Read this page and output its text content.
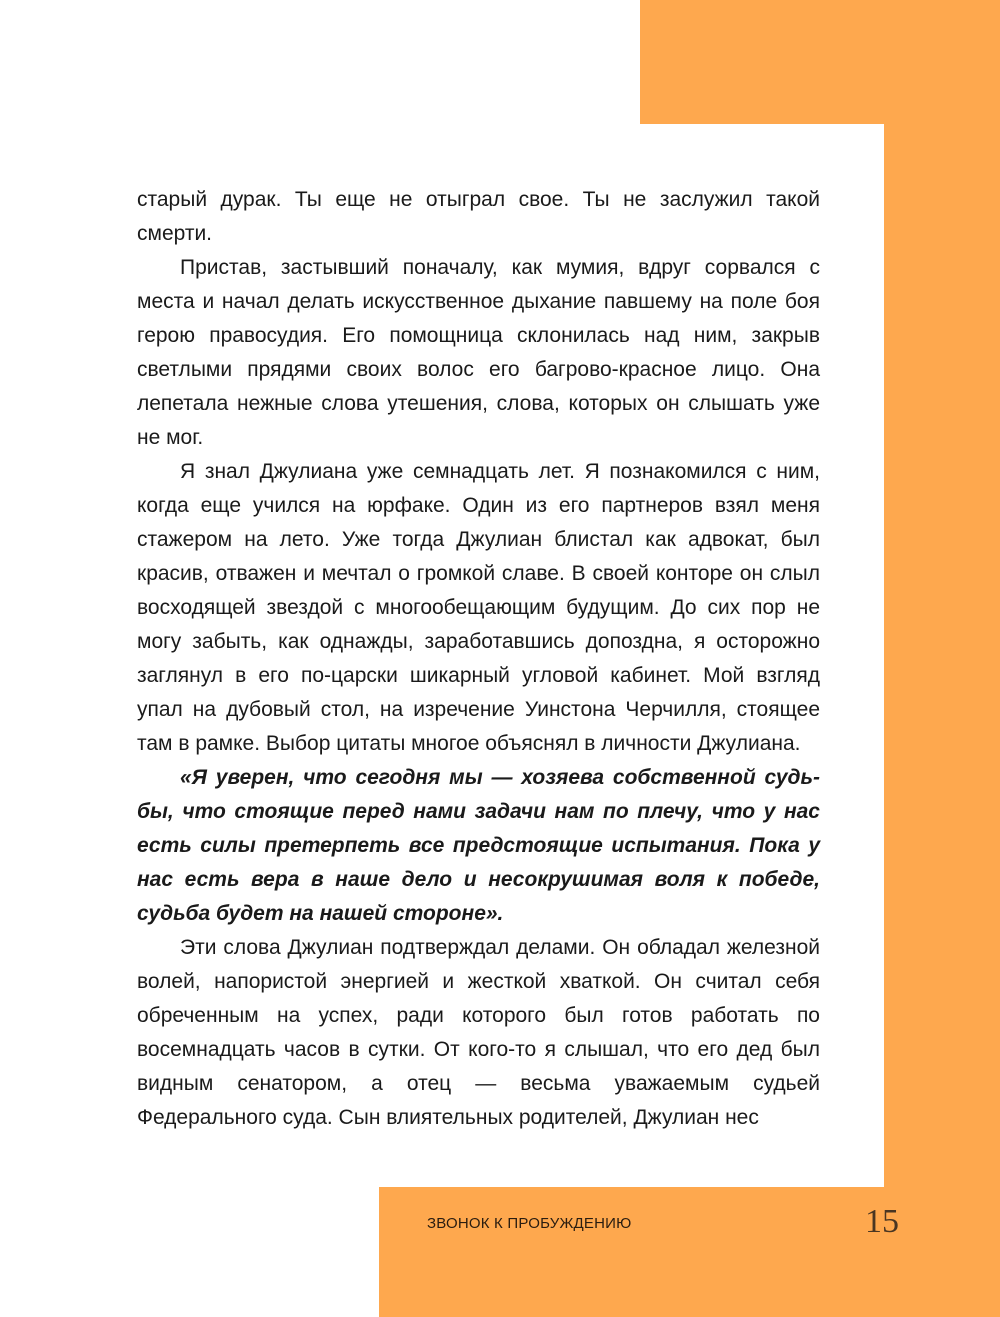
старый дурак. Ты еще не отыграл свое. Ты не заслужил такой смерти.

Пристав, застывший поначалу, как мумия, вдруг сорвался с места и начал делать искусственное дыхание павшему на поле боя герою правосудия. Его помощница склонилась над ним, закрыв светлыми прядями своих волос его багрово-красное лицо. Она лепетала нежные слова утешения, слова, которых он слышать уже не мог.

Я знал Джулиана уже семнадцать лет. Я познакомился с ним, когда еще учился на юрфаке. Один из его партнеров взял меня стажером на лето. Уже тогда Джулиан блистал как адвокат, был красив, отважен и мечтал о громкой славе. В своей конторе он слыл восходящей звездой с многообещающим будущим. До сих пор не могу забыть, как однажды, заработавшись допоздна, я осторожно заглянул в его по-царски шикарный угловой кабинет. Мой взгляд упал на дубовый стол, на изречение Уинстона Черчилля, стоящее там в рамке. Выбор цитаты многое объяснял в личности Джулиана.

«Я уверен, что сегодня мы — хозяева собственной судьбы, что стоящие перед нами задачи нам по плечу, что у нас есть силы претерпеть все предстоящие испытания. Пока у нас есть вера в наше дело и несокрушимая воля к победе, судьба будет на нашей стороне».

Эти слова Джулиан подтверждал делами. Он обладал железной волей, напористой энергией и жесткой хваткой. Он считал себя обреченным на успех, ради которого был готов работать по восемнадцать часов в сутки. От кого-то я слышал, что его дед был видным сенатором, а отец — весьма уважаемым судьей Федерального суда. Сын влиятельных родителей, Джулиан нес

ЗВОНОК К ПРОБУЖДЕНИЮ	15
